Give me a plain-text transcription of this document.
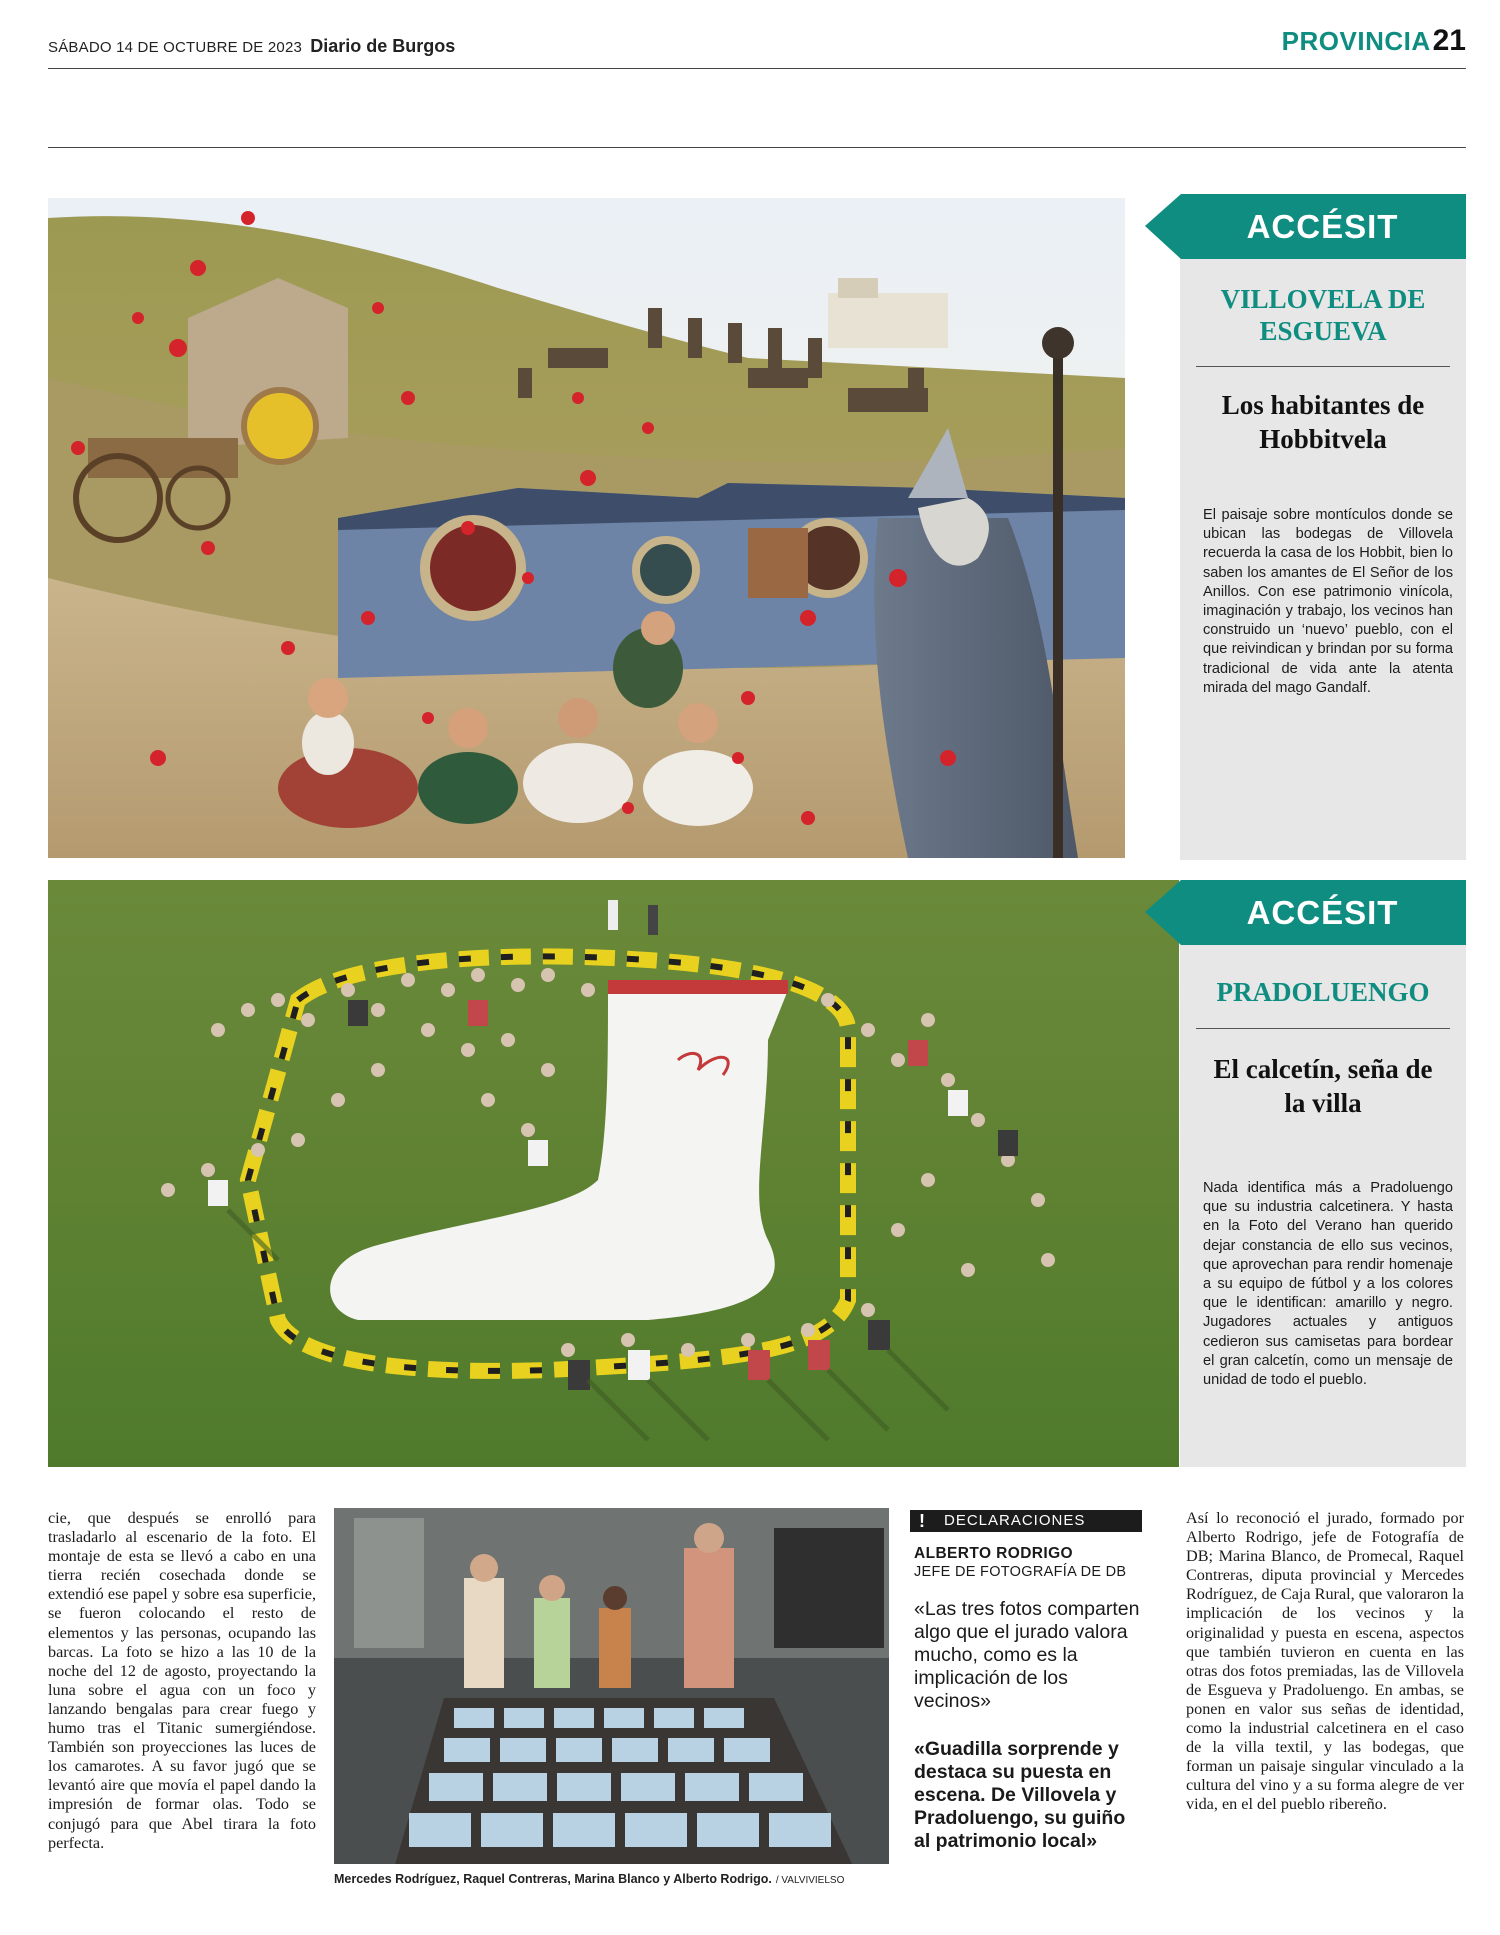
SÁBADO 14 DE OCTUBRE DE 2023 Diario de Burgos	PROVINCIA21
ACCÉSIT
VILLOVELA DE ESGUEVA
Los habitantes de Hobbitvela
El paisaje sobre montículos donde se ubican las bodegas de Villovela recuerda la casa de los Hobbit, bien lo saben los amantes de El Señor de los Anillos. Con ese patrimonio vinícola, imaginación y trabajo, los vecinos han construido un ‘nuevo’ pueblo, con el que reivindican y brindan por su forma tradicional de vida ante la atenta mirada del mago Gandalf.
ACCÉSIT
PRADOLUENGO
El calcetín, seña de la villa
Nada identifica más a Pradoluengo que su industria calcetinera. Y hasta en la Foto del Verano han querido dejar constancia de ello sus vecinos, que aprovechan para rendir homenaje a su equipo de fútbol y a los colores que le identifican: amarillo y negro. Jugadores actuales y antiguos cedieron sus camisetas para bordear el gran calcetín, como un mensaje de unidad de todo el pueblo.
cie, que después se enrolló para trasladarlo al escenario de la foto. El montaje de esta se llevó a cabo en una tierra recién cosechada donde se extendió ese papel y sobre esa superficie, se fueron colocando el resto de elementos y las personas, ocupando las barcas. La foto se hizo a las 10 de la noche del 12 de agosto, proyectando la luna sobre el agua con un foco y lanzando bengalas para crear fuego y humo tras el Titanic sumergiéndose. También son proyecciones las luces de los camarotes. A su favor jugó que se levantó aire que movía el papel dando la impresión de formar olas. Todo se conjugó para que Abel tirara la foto perfecta.
Mercedes Rodríguez, Raquel Contreras, Marina Blanco y Alberto Rodrigo. / VALVIVIELSO
DECLARACIONES
!
ALBERTO RODRIGO
JEFE DE FOTOGRAFÍA DE DB
«Las tres fotos comparten algo que el jurado valora mucho, como es la implicación de los vecinos»
«Guadilla sorprende y destaca su puesta en escena. De Villovela y Pradoluengo, su guiño al patrimonio local»
Así lo reconoció el jurado, formado por Alberto Rodrigo, jefe de Fotografía de DB; Marina Blanco, de Promecal, Raquel Contreras, diputa provincial y Mercedes Rodríguez, de Caja Rural, que valoraron la implicación de los vecinos y la originalidad y puesta en escena, aspectos que también tuvieron en cuenta en las otras dos fotos premiadas, las de Villovela de Esgueva y Pradoluengo. En ambas, se ponen en valor sus señas de identidad, como la industrial calcetinera en el caso de la villa textil, y las bodegas, que forman un paisaje singular vinculado a la cultura del vino y a su forma alegre de ver vida, en el del pueblo ribereño.
